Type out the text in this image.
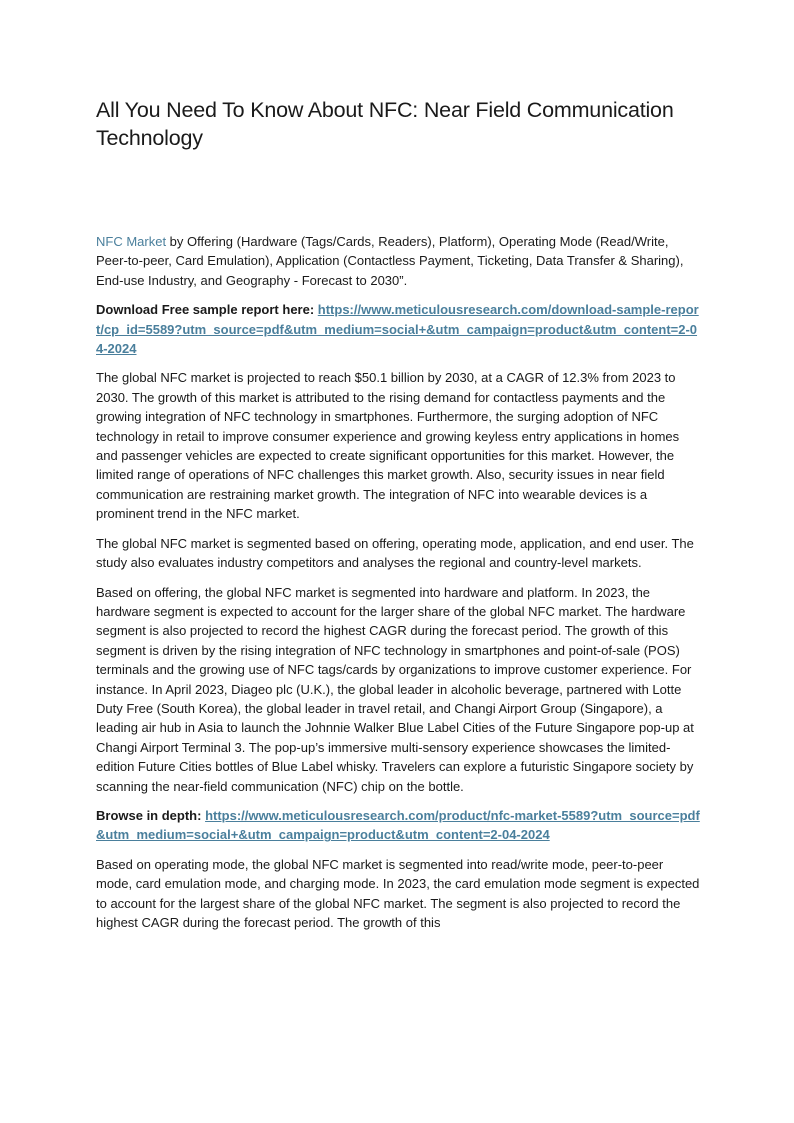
All You Need To Know About NFC: Near Field Communication Technology

NFC Market by Offering (Hardware (Tags/Cards, Readers), Platform), Operating Mode (Read/Write, Peer-to-peer, Card Emulation), Application (Contactless Payment, Ticketing, Data Transfer & Sharing), End-use Industry, and Geography - Forecast to 2030”.

Download Free sample report here: https://www.meticulousresearch.com/download-sample-report/cp_id=5589?utm_source=pdf&utm_medium=social+&utm_campaign=product&utm_content=2-04-2024

The global NFC market is projected to reach $50.1 billion by 2030, at a CAGR of 12.3% from 2023 to 2030. The growth of this market is attributed to the rising demand for contactless payments and the growing integration of NFC technology in smartphones. Furthermore, the surging adoption of NFC technology in retail to improve consumer experience and growing keyless entry applications in homes and passenger vehicles are expected to create significant opportunities for this market. However, the limited range of operations of NFC challenges this market growth. Also, security issues in near field communication are restraining market growth. The integration of NFC into wearable devices is a prominent trend in the NFC market.

The global NFC market is segmented based on offering, operating mode, application, and end user. The study also evaluates industry competitors and analyses the regional and country-level markets.

Based on offering, the global NFC market is segmented into hardware and platform. In 2023, the hardware segment is expected to account for the larger share of the global NFC market. The hardware segment is also projected to record the highest CAGR during the forecast period. The growth of this segment is driven by the rising integration of NFC technology in smartphones and point-of-sale (POS) terminals and the growing use of NFC tags/cards by organizations to improve customer experience. For instance. In April 2023, Diageo plc (U.K.), the global leader in alcoholic beverage, partnered with Lotte Duty Free (South Korea), the global leader in travel retail, and Changi Airport Group (Singapore), a leading air hub in Asia to launch the Johnnie Walker Blue Label Cities of the Future Singapore pop-up at Changi Airport Terminal 3. The pop-up’s immersive multi-sensory experience showcases the limited-edition Future Cities bottles of Blue Label whisky. Travelers can explore a futuristic Singapore society by scanning the near-field communication (NFC) chip on the bottle.

Browse in depth: https://www.meticulousresearch.com/product/nfc-market-5589?utm_source=pdf&utm_medium=social+&utm_campaign=product&utm_content=2-04-2024

Based on operating mode, the global NFC market is segmented into read/write mode, peer-to-peer mode, card emulation mode, and charging mode. In 2023, the card emulation mode segment is expected to account for the largest share of the global NFC market. The segment is also projected to record the highest CAGR during the forecast period. The growth of this
